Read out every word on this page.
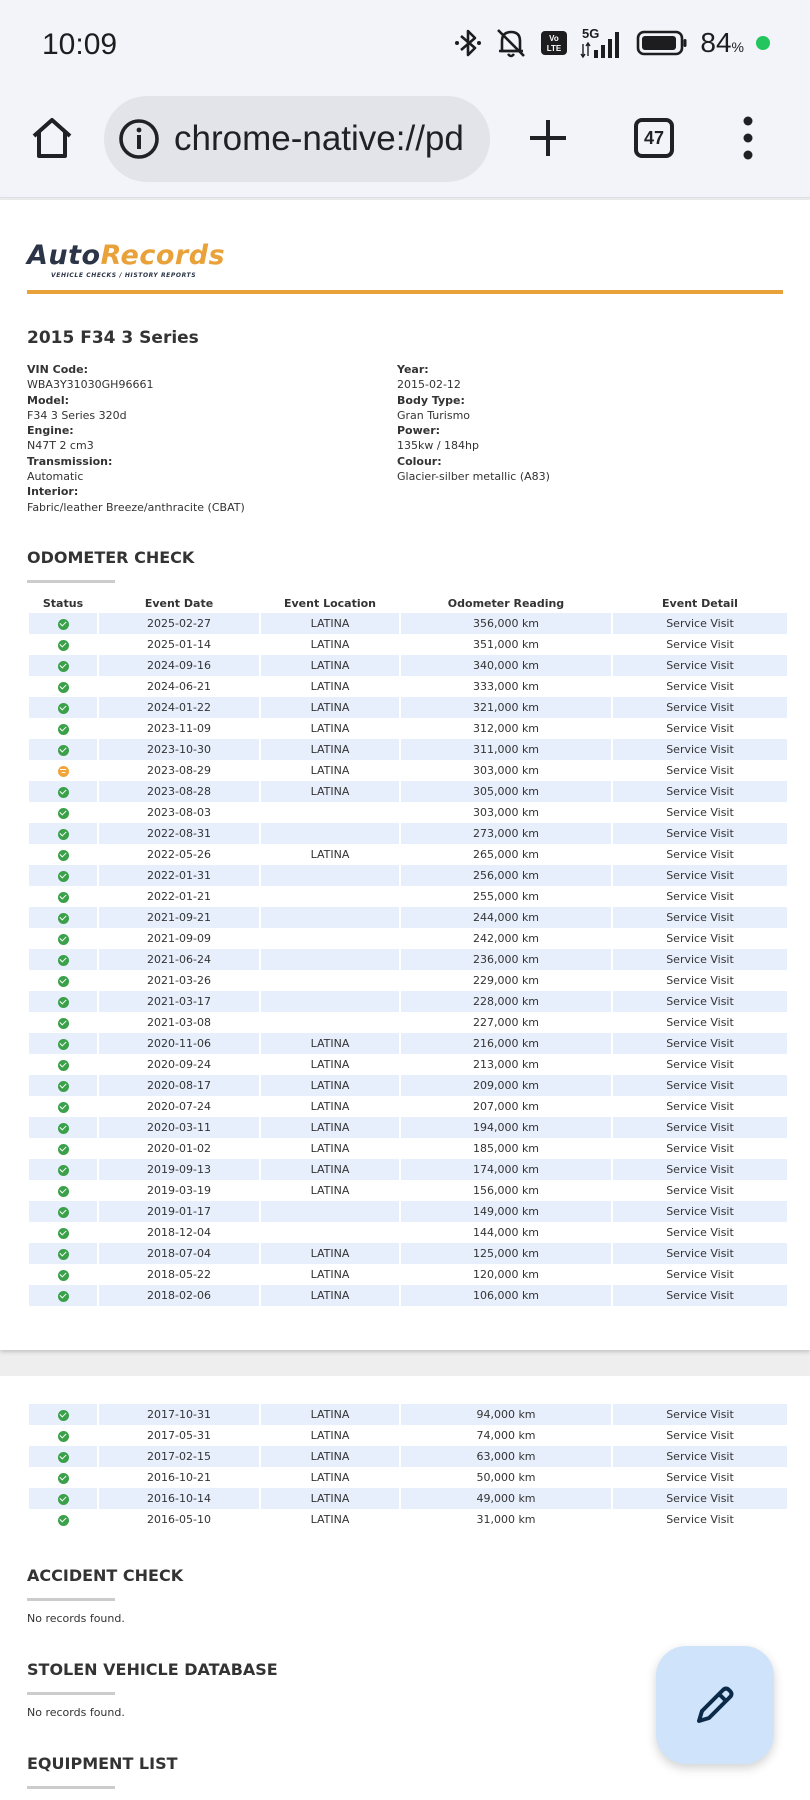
10:09	Vo
LTE
5G	84%
chrome-native://pd	47
AutoRecords
VEHICLE CHECKS / HISTORY REPORTS
2015 F34 3 Series
VIN Code:
WBA3Y31030GH96661
Model:
F34 3 Series 320d
Engine:
N47T 2 cm3
Transmission:
Automatic
Interior:
Fabric/leather Breeze/anthracite (CBAT)
Year:
2015-02-12
Body Type:
Gran Turismo
Power:
135kw / 184hp
Colour:
Glacier-silber metallic (A83)
ODOMETER CHECK
Status	Event Date	Event Location	Odometer Reading	Event Detail
	2025-02-27	LATINA	356,000 km	Service Visit
	2025-01-14	LATINA	351,000 km	Service Visit
	2024-09-16	LATINA	340,000 km	Service Visit
	2024-06-21	LATINA	333,000 km	Service Visit
	2024-01-22	LATINA	321,000 km	Service Visit
	2023-11-09	LATINA	312,000 km	Service Visit
	2023-10-30	LATINA	311,000 km	Service Visit
	2023-08-29	LATINA	303,000 km	Service Visit
	2023-08-28	LATINA	305,000 km	Service Visit
	2023-08-03		303,000 km	Service Visit
	2022-08-31		273,000 km	Service Visit
	2022-05-26	LATINA	265,000 km	Service Visit
	2022-01-31		256,000 km	Service Visit
	2022-01-21		255,000 km	Service Visit
	2021-09-21		244,000 km	Service Visit
	2021-09-09		242,000 km	Service Visit
	2021-06-24		236,000 km	Service Visit
	2021-03-26		229,000 km	Service Visit
	2021-03-17		228,000 km	Service Visit
	2021-03-08		227,000 km	Service Visit
	2020-11-06	LATINA	216,000 km	Service Visit
	2020-09-24	LATINA	213,000 km	Service Visit
	2020-08-17	LATINA	209,000 km	Service Visit
	2020-07-24	LATINA	207,000 km	Service Visit
	2020-03-11	LATINA	194,000 km	Service Visit
	2020-01-02	LATINA	185,000 km	Service Visit
	2019-09-13	LATINA	174,000 km	Service Visit
	2019-03-19	LATINA	156,000 km	Service Visit
	2019-01-17		149,000 km	Service Visit
	2018-12-04		144,000 km	Service Visit
	2018-07-04	LATINA	125,000 km	Service Visit
	2018-05-22	LATINA	120,000 km	Service Visit
	2018-02-06	LATINA	106,000 km	Service Visit
	2017-10-31	LATINA	94,000 km	Service Visit
	2017-05-31	LATINA	74,000 km	Service Visit
	2017-02-15	LATINA	63,000 km	Service Visit
	2016-10-21	LATINA	50,000 km	Service Visit
	2016-10-14	LATINA	49,000 km	Service Visit
	2016-05-10	LATINA	31,000 km	Service Visit
ACCIDENT CHECK
No records found.
STOLEN VEHICLE DATABASE
No records found.
EQUIPMENT LIST
